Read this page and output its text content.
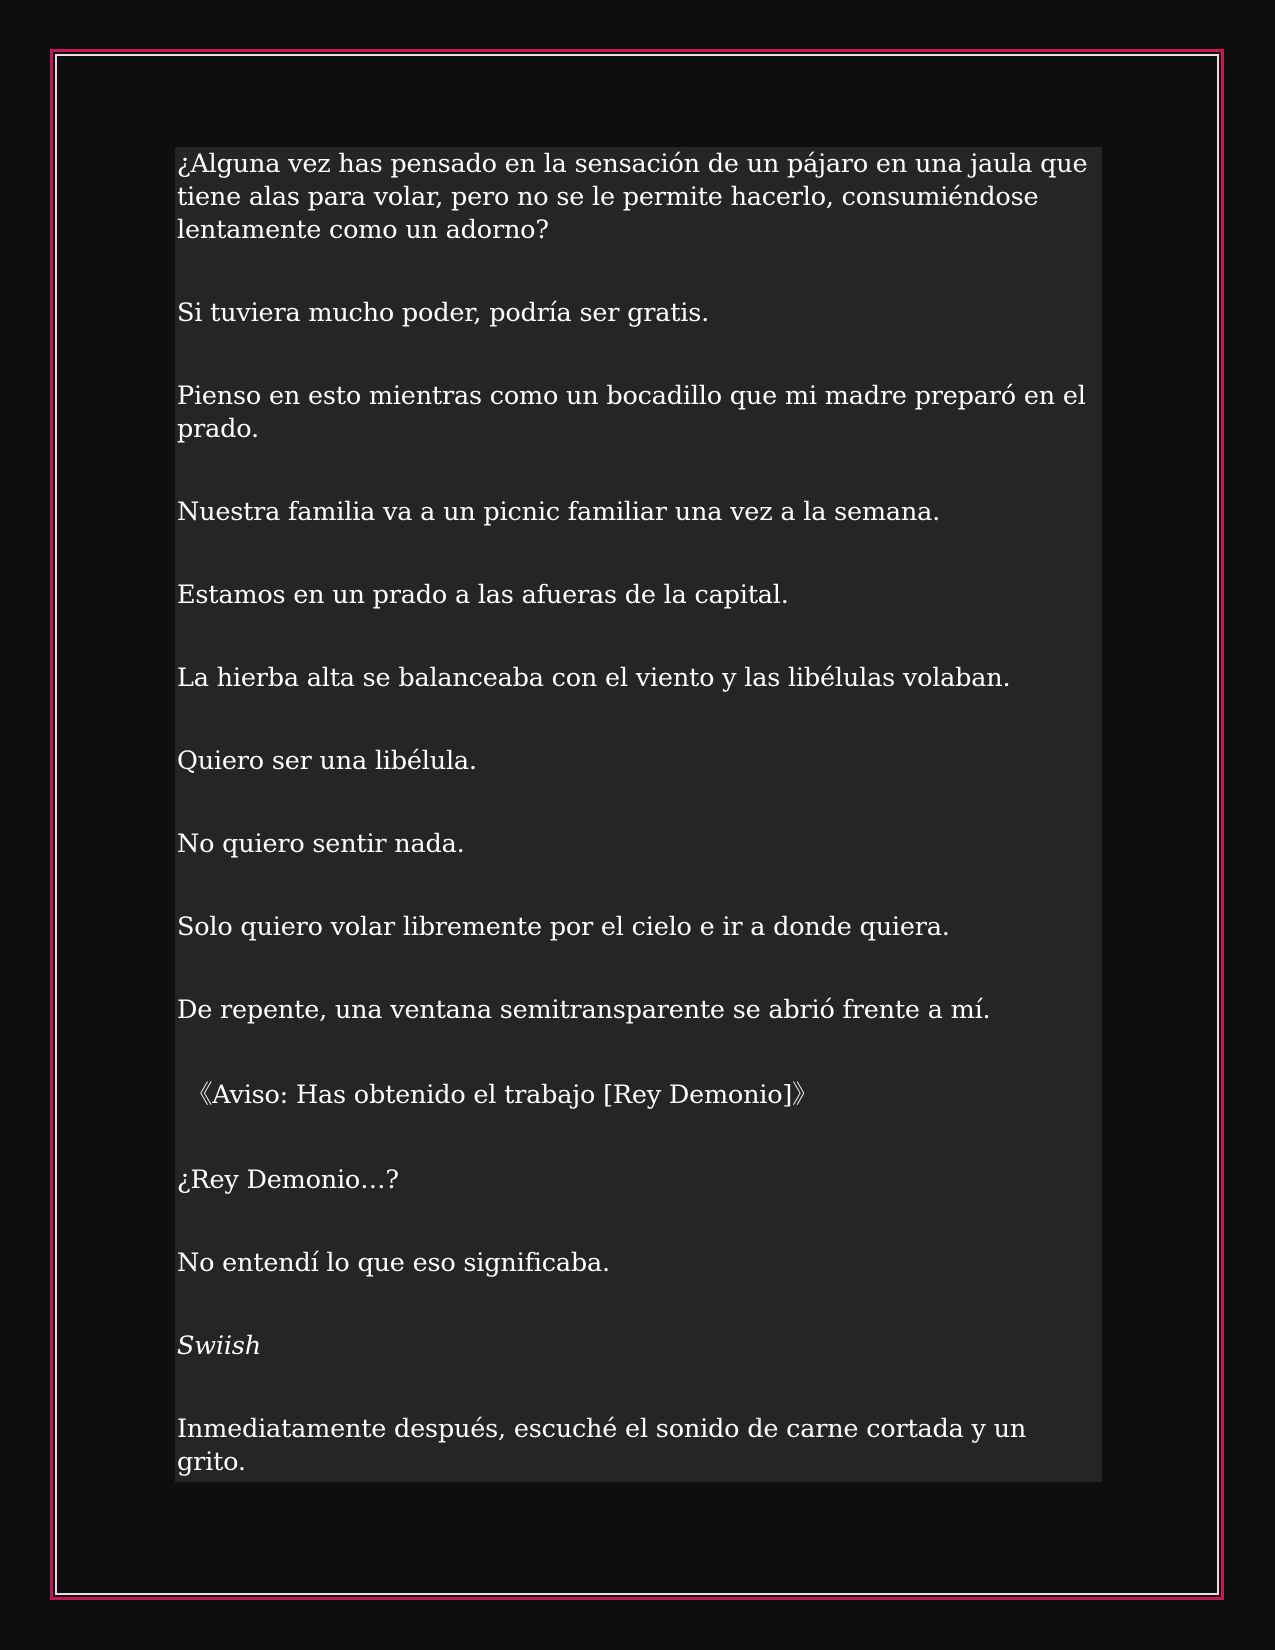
¿Alguna vez has pensado en la sensación de un pájaro en una jaula que tiene alas para volar, pero no se le permite hacerlo, consumiéndose lentamente como un adorno?

Si tuviera mucho poder, podría ser gratis.

Pienso en esto mientras como un bocadillo que mi madre preparó en el prado.

Nuestra familia va a un picnic familiar una vez a la semana.

Estamos en un prado a las afueras de la capital.

La hierba alta se balanceaba con el viento y las libélulas volaban.

Quiero ser una libélula.

No quiero sentir nada.

Solo quiero volar libremente por el cielo e ir a donde quiera.

De repente, una ventana semitransparente se abrió frente a mí.

《Aviso: Has obtenido el trabajo [Rey Demonio]》

¿Rey Demonio…?

No entendí lo que eso significaba.

Swiish

Inmediatamente después, escuché el sonido de carne cortada y un grito.
